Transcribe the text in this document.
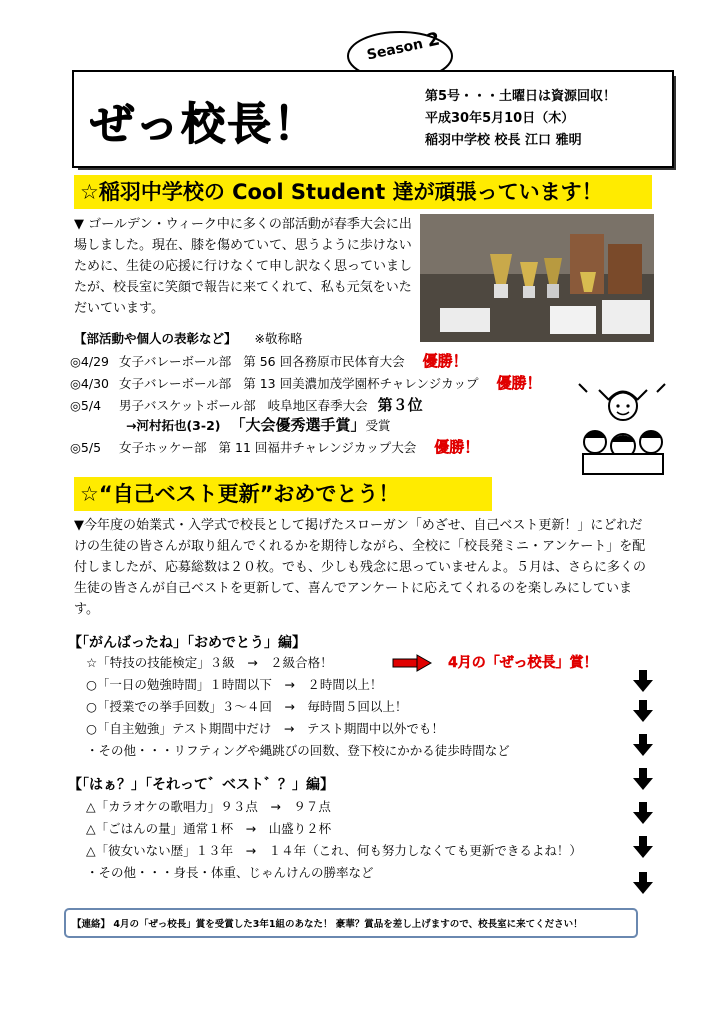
Season 2
ぜっ校長！
第5号・・・土曜日は資源回収！
平成30年5月10日（木）
稲羽中学校 校長 江口 雅明
☆稲羽中学校の Cool Student 達が頑張っています！
▼ ゴールデン・ウィーク中に多くの部活動が春季大会に出場しました。現在、膝を傷めていて、思うように歩けないために、生徒の応援に行けなくて申し訳なく思っていましたが、校長室に笑顔で報告に来てくれて、私も元気をいただいています。
【部活動や個人の表彰など】 ※敬称略
◎4/29 女子バレーボール部 第 56 回各務原市民体育大会 優勝！
◎4/30 女子バレーボール部 第 13 回美濃加茂学園杯チャレンジカップ 優勝！
◎5/4 男子バスケットボール部 岐阜地区春季大会 第３位
→河村拓也(3-2) 「大会優秀選手賞」受賞
◎5/5 女子ホッケー部 第 11 回福井チャレンジカップ大会 優勝！
☆“自己ベスト更新”おめでとう！
▼今年度の始業式・入学式で校長として掲げたスローガン「めざせ、自己ベスト更新！」にどれだけの生徒の皆さんが取り組んでくれるかを期待しながら、全校に「校長発ミニ・アンケート」を配付しましたが、応募総数は２０枚。でも、少しも残念に思っていませんよ。５月は、さらに多くの生徒の皆さんが自己ベストを更新して、喜んでアンケートに応えてくれるのを楽しみにしています。
【「がんばったね」「おめでとう」編】
☆「特技の技能検定」３級　→　２級合格！	4月の「ぜっ校長」賞！
○「一日の勉強時間」１時間以下　→　２時間以上！
○「授業での挙手回数」３～４回　→　毎時間５回以上！
○「自主勉強」テスト期間中だけ　→　テスト期間中以外でも！
・その他・・・リフティングや縄跳びの回数、登下校にかかる徒歩時間など
【「はぁ？」「それって゛ベスト゛？」編】
△「カラオケの歌唱力」９３点　→　９７点
△「ごはんの量」通常１杯　→　山盛り２杯
△「彼女いない歴」１３年　→　１４年（これ、何も努力しなくても更新できるよね！）
・その他・・・身長・体重、じゃんけんの勝率など
【連絡】 4月の「ぜっ校長」賞を受賞した3年1組のあなた！ 豪華？賞品を差し上げますので、校長室に来てください！
